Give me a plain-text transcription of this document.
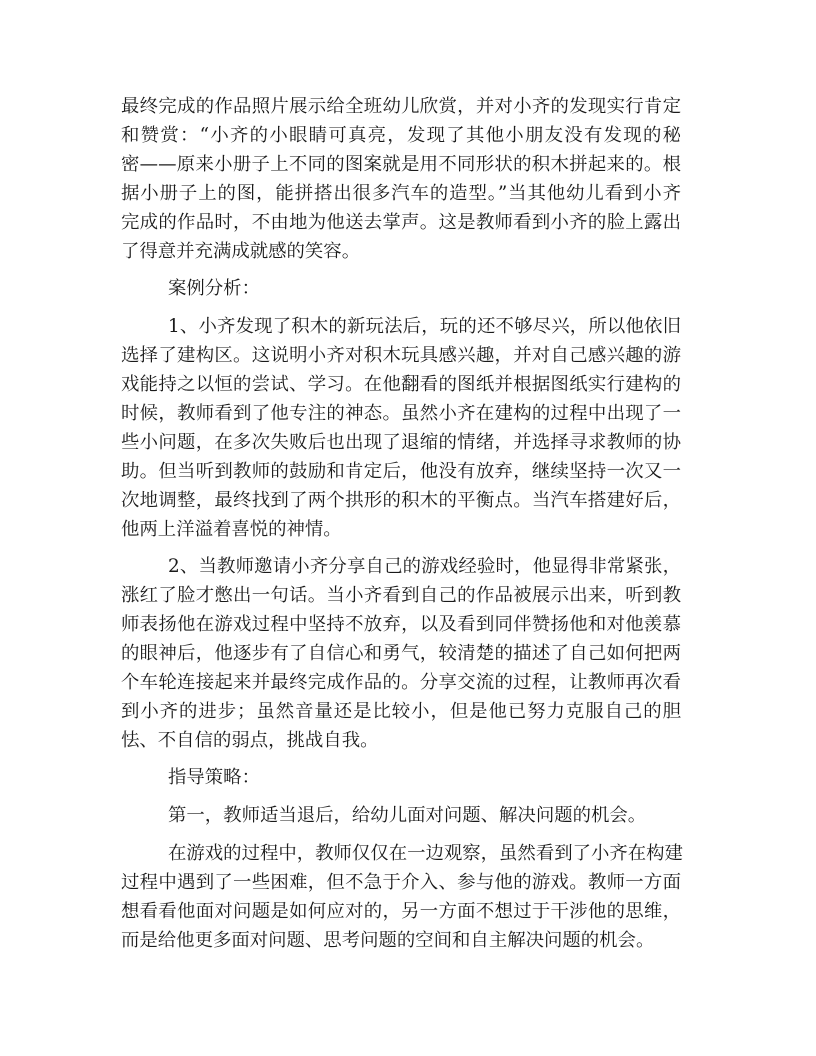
最终完成的作品照片展示给全班幼儿欣赏，并对小齐的发现实行肯定

和赞赏：“小齐的小眼睛可真亮，发现了其他小朋友没有发现的秘

密——原来小册子上不同的图案就是用不同形状的积木拼起来的。根

据小册子上的图，能拼搭出很多汽车的造型。”当其他幼儿看到小齐

完成的作品时，不由地为他送去掌声。这是教师看到小齐的脸上露出

了得意并充满成就感的笑容。

案例分析：

1、小齐发现了积木的新玩法后，玩的还不够尽兴，所以他依旧

选择了建构区。这说明小齐对积木玩具感兴趣，并对自己感兴趣的游

戏能持之以恒的尝试、学习。在他翻看的图纸并根据图纸实行建构的

时候，教师看到了他专注的神态。虽然小齐在建构的过程中出现了一

些小问题，在多次失败后也出现了退缩的情绪，并选择寻求教师的协

助。但当听到教师的鼓励和肯定后，他没有放弃，继续坚持一次又一

次地调整，最终找到了两个拱形的积木的平衡点。当汽车搭建好后，

他两上洋溢着喜悦的神情。

2、当教师邀请小齐分享自己的游戏经验时，他显得非常紧张，

涨红了脸才憋出一句话。当小齐看到自己的作品被展示出来，听到教

师表扬他在游戏过程中坚持不放弃，以及看到同伴赞扬他和对他羡慕

的眼神后，他逐步有了自信心和勇气，较清楚的描述了自己如何把两

个车轮连接起来并最终完成作品的。分享交流的过程，让教师再次看

到小齐的进步；虽然音量还是比较小，但是他已努力克服自己的胆

怯、不自信的弱点，挑战自我。

指导策略：

第一，教师适当退后，给幼儿面对问题、解决问题的机会。

在游戏的过程中，教师仅仅在一边观察，虽然看到了小齐在构建

过程中遇到了一些困难，但不急于介入、参与他的游戏。教师一方面

想看看他面对问题是如何应对的，另一方面不想过于干涉他的思维，

而是给他更多面对问题、思考问题的空间和自主解决问题的机会。
